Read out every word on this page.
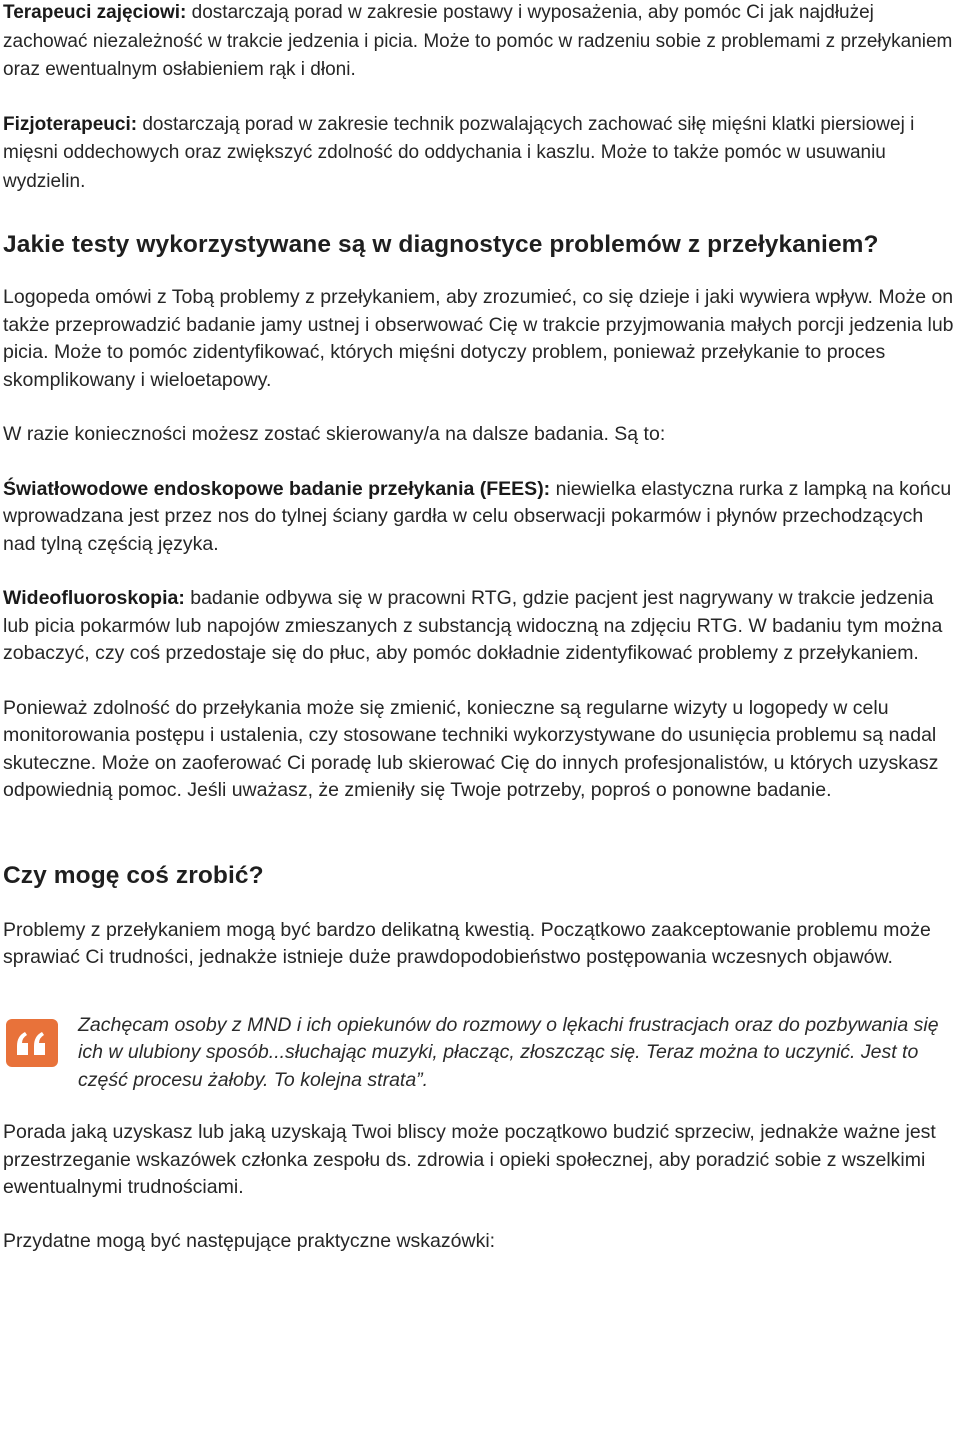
Terapeuci zajęciowi: dostarczają porad w zakresie postawy i wyposażenia, aby pomóc Ci jak najdłużej zachować niezależność w trakcie jedzenia i picia. Może to pomóc w radzeniu sobie z problemami z przełykaniem oraz ewentualnym osłabieniem rąk i dłoni.

Fizjoterapeuci: dostarczają porad w zakresie technik pozwalających zachować siłę mięśni klatki piersiowej i mięsni oddechowych oraz zwiększyć zdolność do oddychania i kaszlu. Może to także pomóc w usuwaniu wydzielin.

Jakie testy wykorzystywane są w diagnostyce problemów z przełykaniem?

Logopeda omówi z Tobą problemy z przełykaniem, aby zrozumieć, co się dzieje i jaki wywiera wpływ. Może on także przeprowadzić badanie jamy ustnej i obserwować Cię w trakcie przyjmowania małych porcji jedzenia lub picia. Może to pomóc zidentyfikować, których mięśni dotyczy problem, ponieważ przełykanie to proces skomplikowany i wieloetapowy.

W razie konieczności możesz zostać skierowany/a na dalsze badania. Są to:

Światłowodowe endoskopowe badanie przełykania (FEES): niewielka elastyczna rurka z lampką na końcu wprowadzana jest przez nos do tylnej ściany gardła w celu obserwacji pokarmów i płynów przechodzących nad tylną częścią języka.

Wideofluoroskopia: badanie odbywa się w pracowni RTG, gdzie pacjent jest nagrywany w trakcie jedzenia lub picia pokarmów lub napojów zmieszanych z substancją widoczną na zdjęciu RTG. W badaniu tym można zobaczyć, czy coś przedostaje się do płuc, aby pomóc dokładnie zidentyfikować problemy z przełykaniem.

Ponieważ zdolność do przełykania może się zmienić, konieczne są regularne wizyty u logopedy w celu monitorowania postępu i ustalenia, czy stosowane techniki wykorzystywane do usunięcia problemu są nadal skuteczne. Może on zaoferować Ci poradę lub skierować Cię do innych profesjonalistów, u których uzyskasz odpowiednią pomoc. Jeśli uważasz, że zmieniły się Twoje potrzeby, poproś o ponowne badanie.

Czy mogę coś zrobić?

Problemy z przełykaniem mogą być bardzo delikatną kwestią. Początkowo zaakceptowanie problemu może sprawiać Ci trudności, jednakże istnieje duże prawdopodobieństwo postępowania wczesnych objawów.

Zachęcam osoby z MND i ich opiekunów do rozmowy o lękachi frustracjach oraz do pozbywania się ich w ulubiony sposób...słuchając muzyki, płacząc, złoszcząc się. Teraz można to uczynić. Jest to część procesu żałoby. To kolejna strata”.

Porada jaką uzyskasz lub jaką uzyskają Twoi bliscy może początkowo budzić sprzeciw, jednakże ważne jest przestrzeganie wskazówek członka zespołu ds. zdrowia i opieki społecznej, aby poradzić sobie z wszelkimi ewentualnymi trudnościami.

Przydatne mogą być następujące praktyczne wskazówki:
